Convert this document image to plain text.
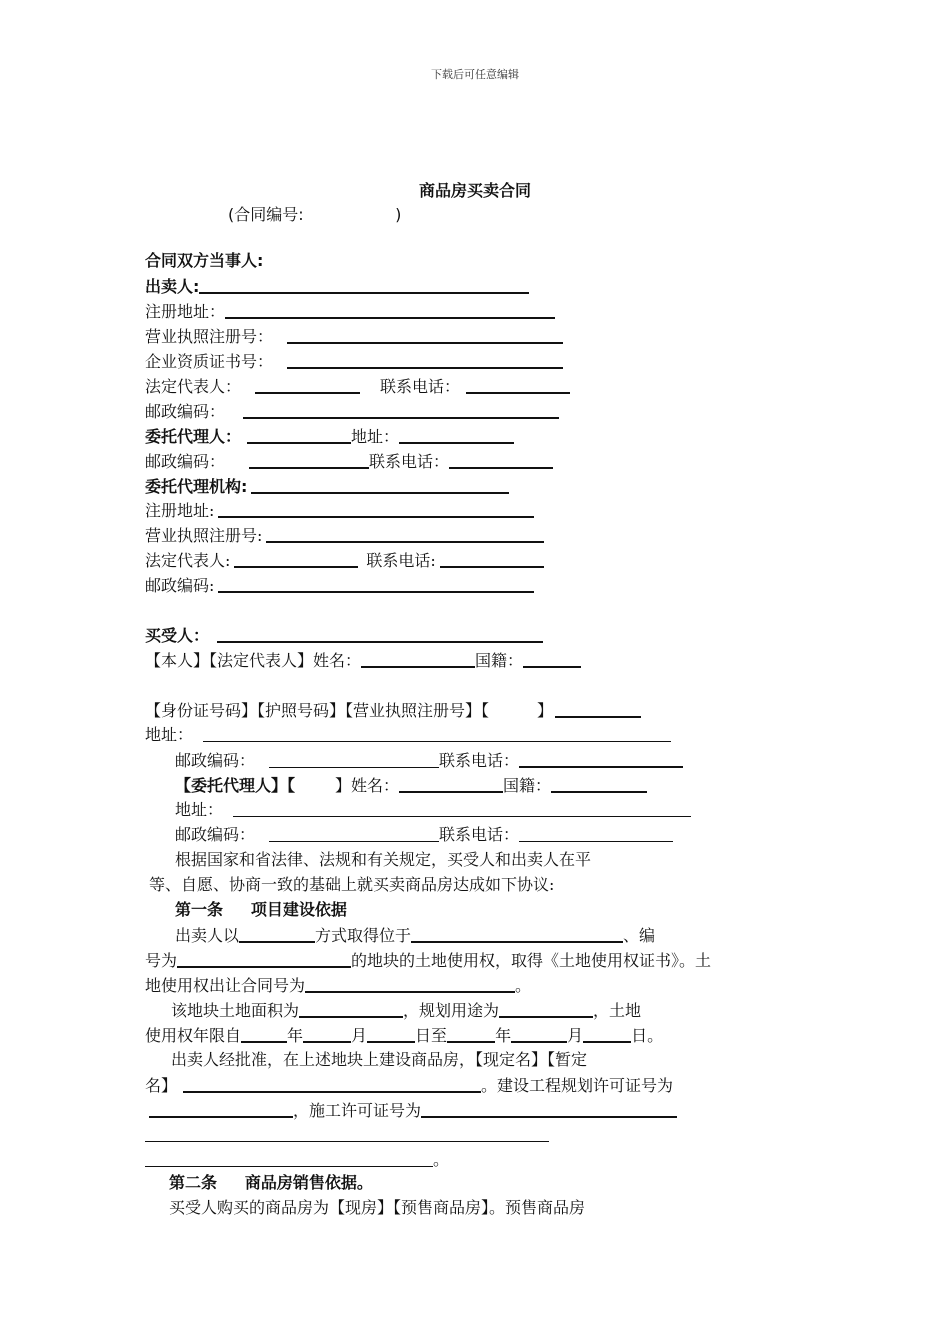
下载后可任意编辑
商品房买卖合同
(合同编号:                  )
合同双方当事人:
出卖人:
注册地址：
营业执照注册号：
企业资质证书号：
法定代表人：	联系电话：
邮政编码：
委托代理人：	地址：
邮政编码：	联系电话：
委托代理机构:
注册地址:
营业执照注册号:
法定代表人:	联系电话:
邮政编码:
买受人：
【本人】【法定代表人】姓名：	国籍：
【身份证号码】【护照号码】【营业执照注册号】【	】
地址：
邮政编码：	联系电话：
【委托代理人】【	】姓名：	国籍：
地址：
邮政编码：	联系电话：
根据国家和省法律、法规和有关规定，买受人和出卖人在平
等、自愿、协商一致的基础上就买卖商品房达成如下协议:
第一条     项目建设依据
出卖人以	方式取得位于	、编
号为	的地块的土地使用权，取得《土地使用权证书》。土
地使用权出让合同号为	。
该地块土地面积为	，规划用途为	，土地
使用权年限自	年	月	日至	年	月	日。
出卖人经批准，在上述地块上建设商品房，【现定名】【暂定
名】	。建设工程规划许可证号为
，施工许可证号为
。
第二条     商品房销售依据。
买受人购买的商品房为【现房】【预售商品房】。预售商品房
